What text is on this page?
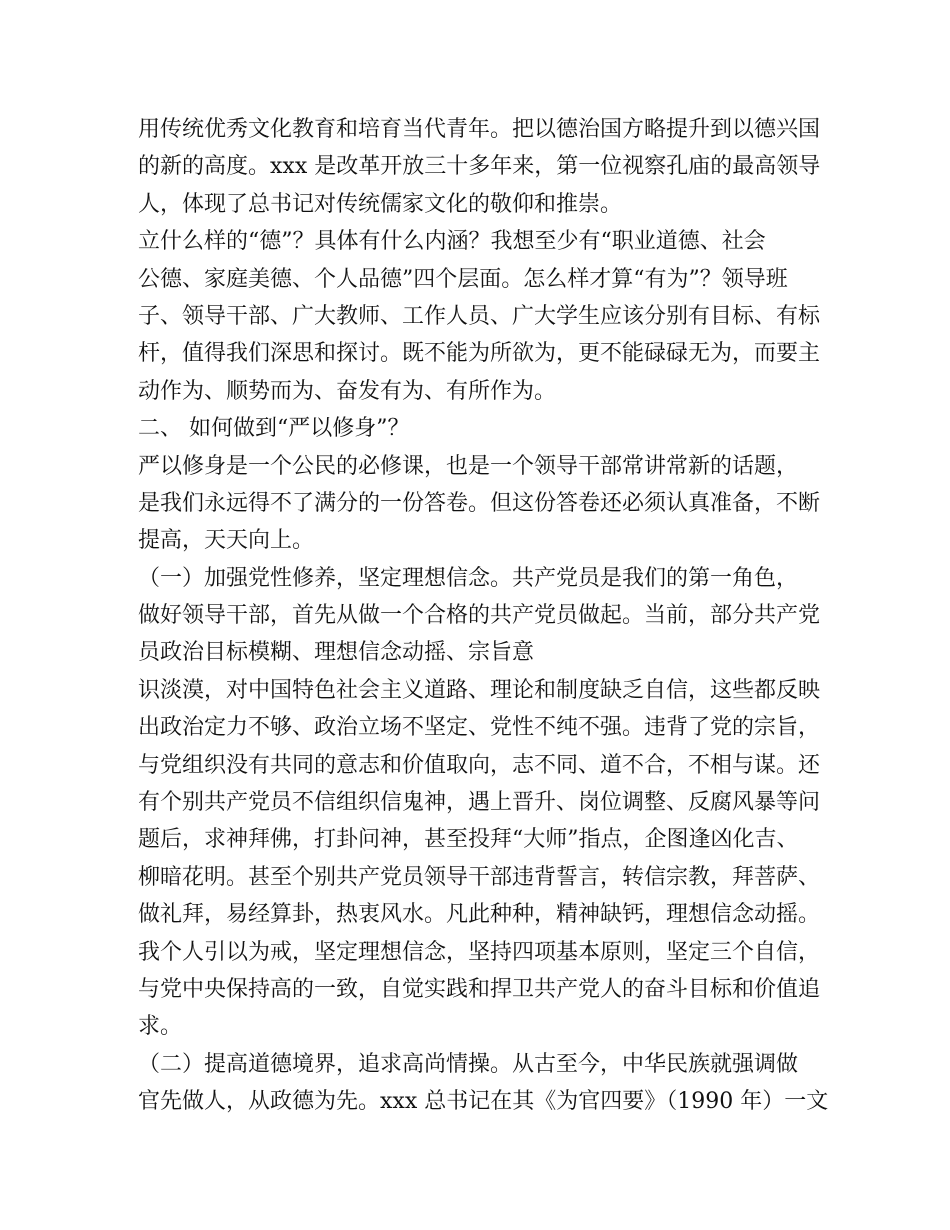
用传统优秀文化教育和培育当代青年。把以德治国方略提升到以德兴国
的新的高度。xxx 是改革开放三十多年来，第一位视察孔庙的最高领导
人，体现了总书记对传统儒家文化的敬仰和推崇。
立什么样的“德”？具体有什么内涵？我想至少有“职业道德、社会
公德、家庭美德、个人品德”四个层面。怎么样才算“有为”？领导班
子、领导干部、广大教师、工作人员、广大学生应该分别有目标、有标
杆，值得我们深思和探讨。既不能为所欲为，更不能碌碌无为，而要主
动作为、顺势而为、奋发有为、有所作为。
二、 如何做到“严以修身”？
严以修身是一个公民的必修课，也是一个领导干部常讲常新的话题，
是我们永远得不了满分的一份答卷。但这份答卷还必须认真准备，不断
提高，天天向上。
（一）加强党性修养，坚定理想信念。共产党员是我们的第一角色，
做好领导干部，首先从做一个合格的共产党员做起。当前，部分共产党
员政治目标模糊、理想信念动摇、宗旨意
识淡漠，对中国特色社会主义道路、理论和制度缺乏自信，这些都反映
出政治定力不够、政治立场不坚定、党性不纯不强。违背了党的宗旨，
与党组织没有共同的意志和价值取向，志不同、道不合，不相与谋。还
有个别共产党员不信组织信鬼神，遇上晋升、岗位调整、反腐风暴等问
题后，求神拜佛，打卦问神，甚至投拜“大师”指点，企图逢凶化吉、
柳暗花明。甚至个别共产党员领导干部违背誓言，转信宗教，拜菩萨、
做礼拜，易经算卦，热衷风水。凡此种种，精神缺钙，理想信念动摇。
我个人引以为戒，坚定理想信念，坚持四项基本原则，坚定三个自信，
与党中央保持高的一致，自觉实践和捍卫共产党人的奋斗目标和价值追
求。
（二）提高道德境界，追求高尚情操。从古至今，中华民族就强调做
官先做人，从政德为先。xxx 总书记在其《为官四要》（1990 年）一文
